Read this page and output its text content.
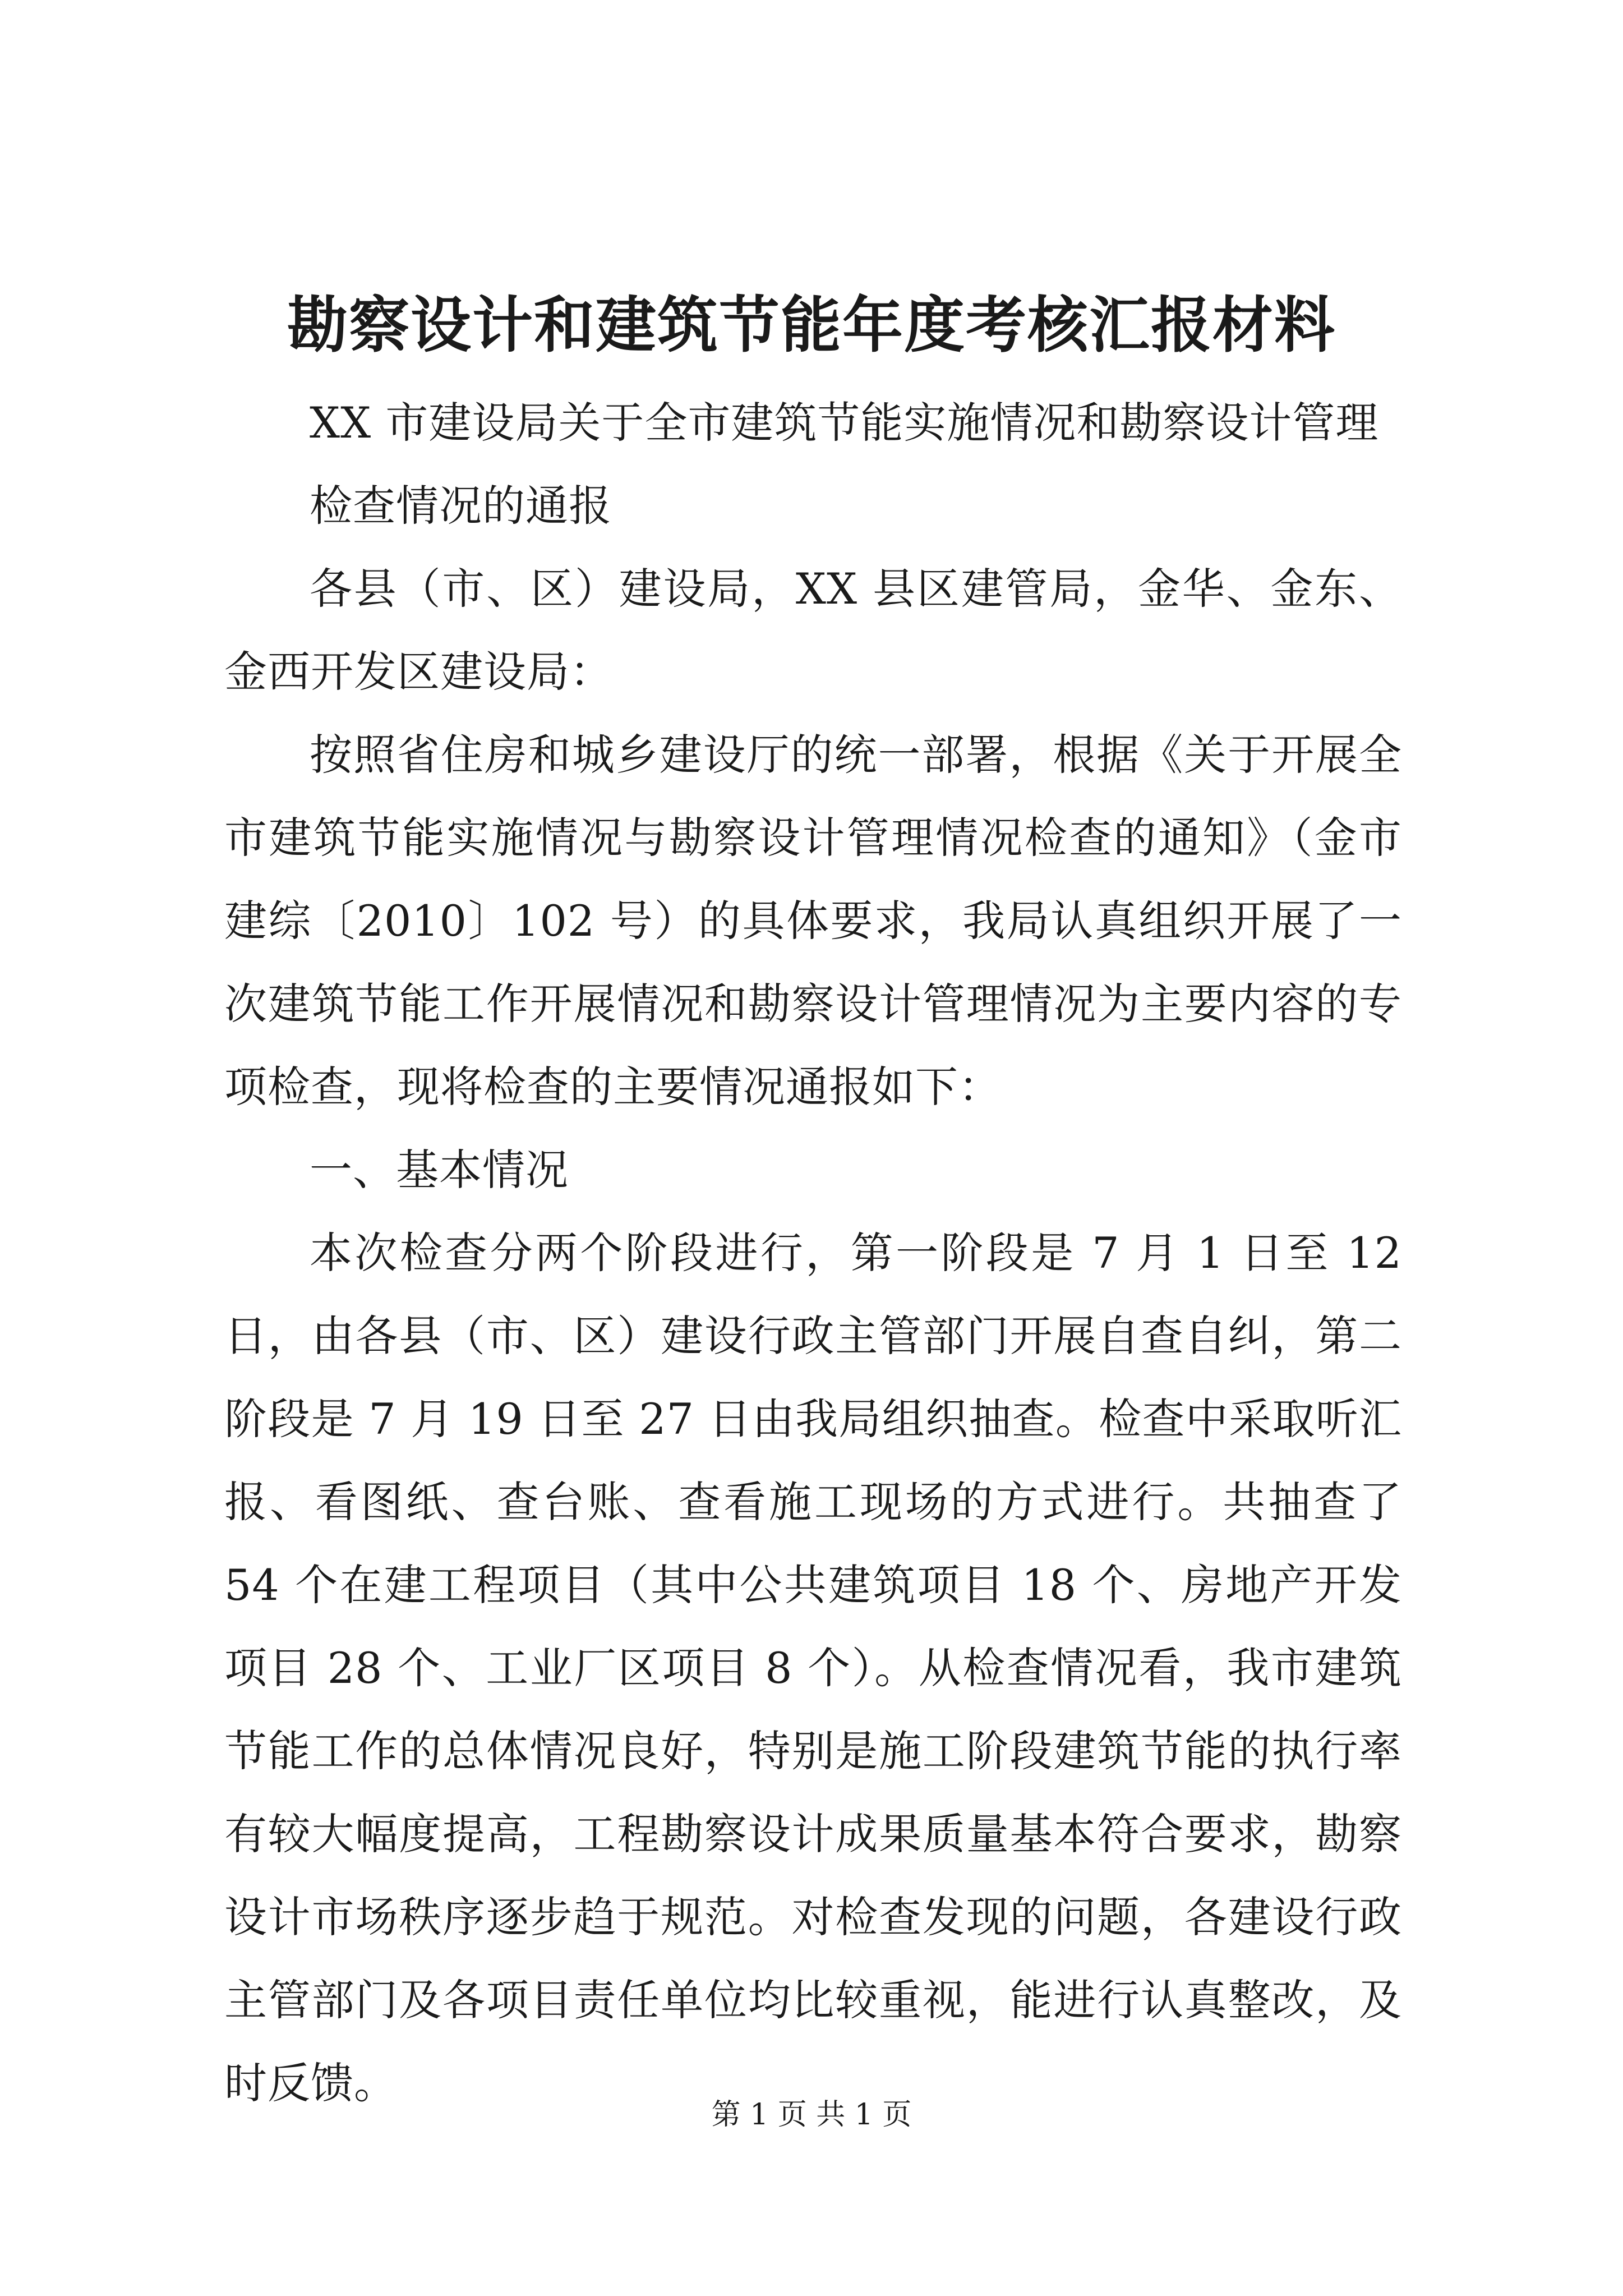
勘察设计和建筑节能年度考核汇报材料

XX 市建设局关于全市建筑节能实施情况和勘察设计管理

检查情况的通报

各县（市、区）建设局，XX 县区建管局，金华、金东、金西开发区建设局：

按照省住房和城乡建设厅的统一部署，根据《关于开展全市建筑节能实施情况与勘察设计管理情况检查的通知》（金市建综〔2010〕102 号）的具体要求，我局认真组织开展了一次建筑节能工作开展情况和勘察设计管理情况为主要内容的专项检查，现将检查的主要情况通报如下：

一、基本情况

本次检查分两个阶段进行，第一阶段是 7 月 1 日至 12 日，由各县（市、区）建设行政主管部门开展自查自纠，第二阶段是 7 月 19 日至 27 日由我局组织抽查。检查中采取听汇报、看图纸、查台账、查看施工现场的方式进行。共抽查了 54 个在建工程项目（其中公共建筑项目 18 个、房地产开发项目 28 个、工业厂区项目 8 个）。从检查情况看，我市建筑节能工作的总体情况良好，特别是施工阶段建筑节能的执行率有较大幅度提高，工程勘察设计成果质量基本符合要求，勘察设计市场秩序逐步趋于规范。对检查发现的问题，各建设行政主管部门及各项目责任单位均比较重视，能进行认真整改，及时反馈。

第 1 页 共 1 页
